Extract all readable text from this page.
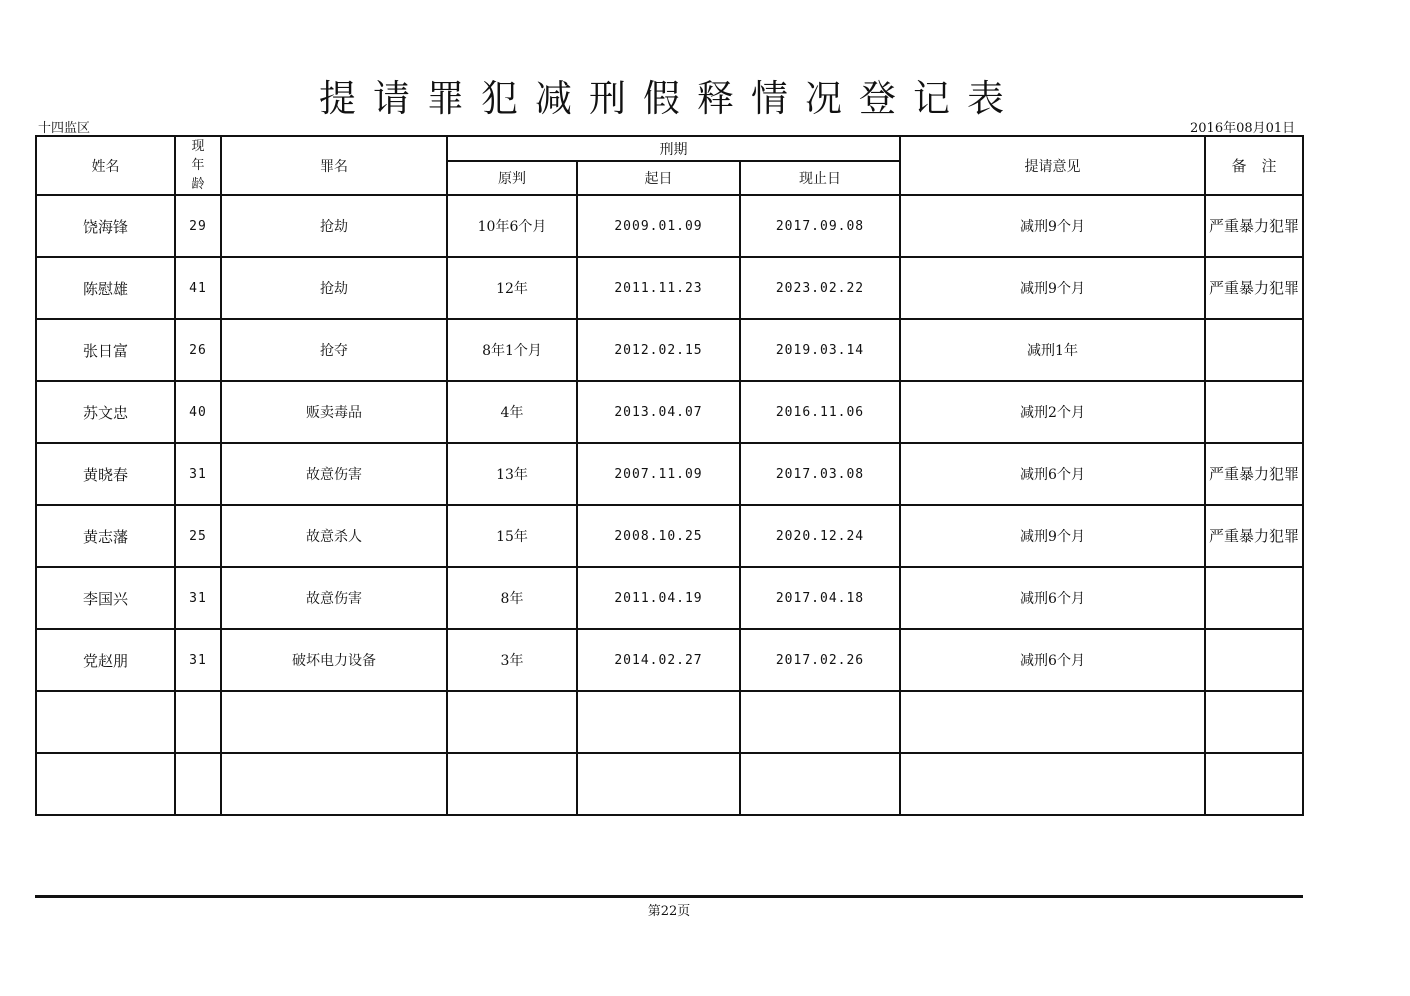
提请罪犯减刑假释情况登记表
十四监区	2016年08月01日
姓名	现
年
龄	罪名	刑期			提请意见	备　注
			原判	起日	现止日		
饶海锋	29	抢劫	10年6个月	2009.01.09	2017.09.08	减刑9个月	严重暴力犯罪
陈慰雄	41	抢劫	12年	2011.11.23	2023.02.22	减刑9个月	严重暴力犯罪
张日富	26	抢夺	8年1个月	2012.02.15	2019.03.14	减刑1年	
苏文忠	40	贩卖毒品	4年	2013.04.07	2016.11.06	减刑2个月	
黄晓春	31	故意伤害	13年	2007.11.09	2017.03.08	减刑6个月	严重暴力犯罪
黄志藩	25	故意杀人	15年	2008.10.25	2020.12.24	减刑9个月	严重暴力犯罪
李国兴	31	故意伤害	8年	2011.04.19	2017.04.18	减刑6个月	
党赵朋	31	破坏电力设备	3年	2014.02.27	2017.02.26	减刑6个月	

第22页
